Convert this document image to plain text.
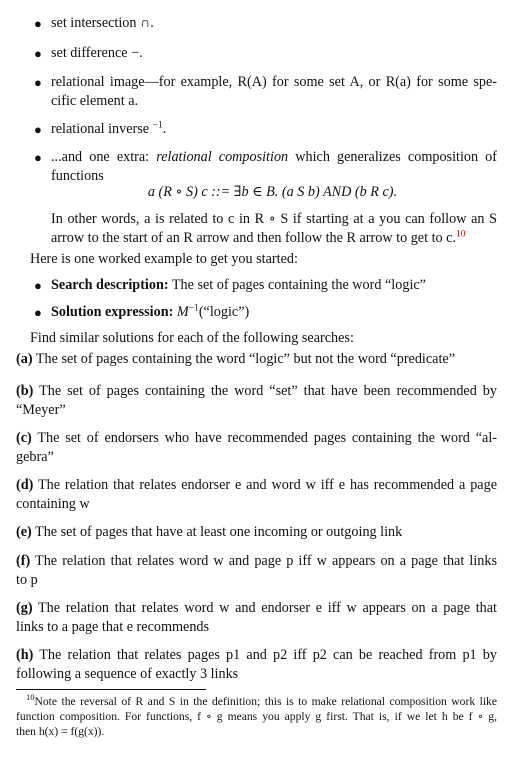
● set intersection ∩.
● set difference −.
● relational image—for example, R(A) for some set A, or R(a) for some spe-
cific element a.
● relational inverse $^{-1}$.
● ...and one extra: relational composition which generalizes composition of
functions
a (R ∘ S) c ::= ∃b ∈ B. (a S b) AND (b R c).
In other words, a is related to c in R ∘ S if starting at a you can follow an S
arrow to the start of an R arrow and then follow the R arrow to get to c.$^{10}$
Here is one worked example to get you started:
● Search description: The set of pages containing the word “logic”
● Solution expression: $M^{-1}(“logic”)$
Find similar solutions for each of the following searches:
(a) The set of pages containing the word “logic” but not the word “predicate”
(b) The set of pages containing the word “set” that have been recommended by
“Meyer”
(c) The set of endorsers who have recommended pages containing the word “al-
gebra”
(d) The relation that relates endorser e and word w iff e has recommended a page
containing w
(e) The set of pages that have at least one incoming or outgoing link
(f) The relation that relates word w and page p iff w appears on a page that links
to p
(g) The relation that relates word w and endorser e iff w appears on a page that
links to a page that e recommends
(h) The relation that relates pages p1 and p2 iff p2 can be reached from p1 by
following a sequence of exactly 3 links
$^{10}$Note the reversal of R and S in the definition; this is to make relational composition work like
function composition. For functions, f ∘ g means you apply g first. That is, if we let h be f ∘ g,
then h(x) = f(g(x)).
